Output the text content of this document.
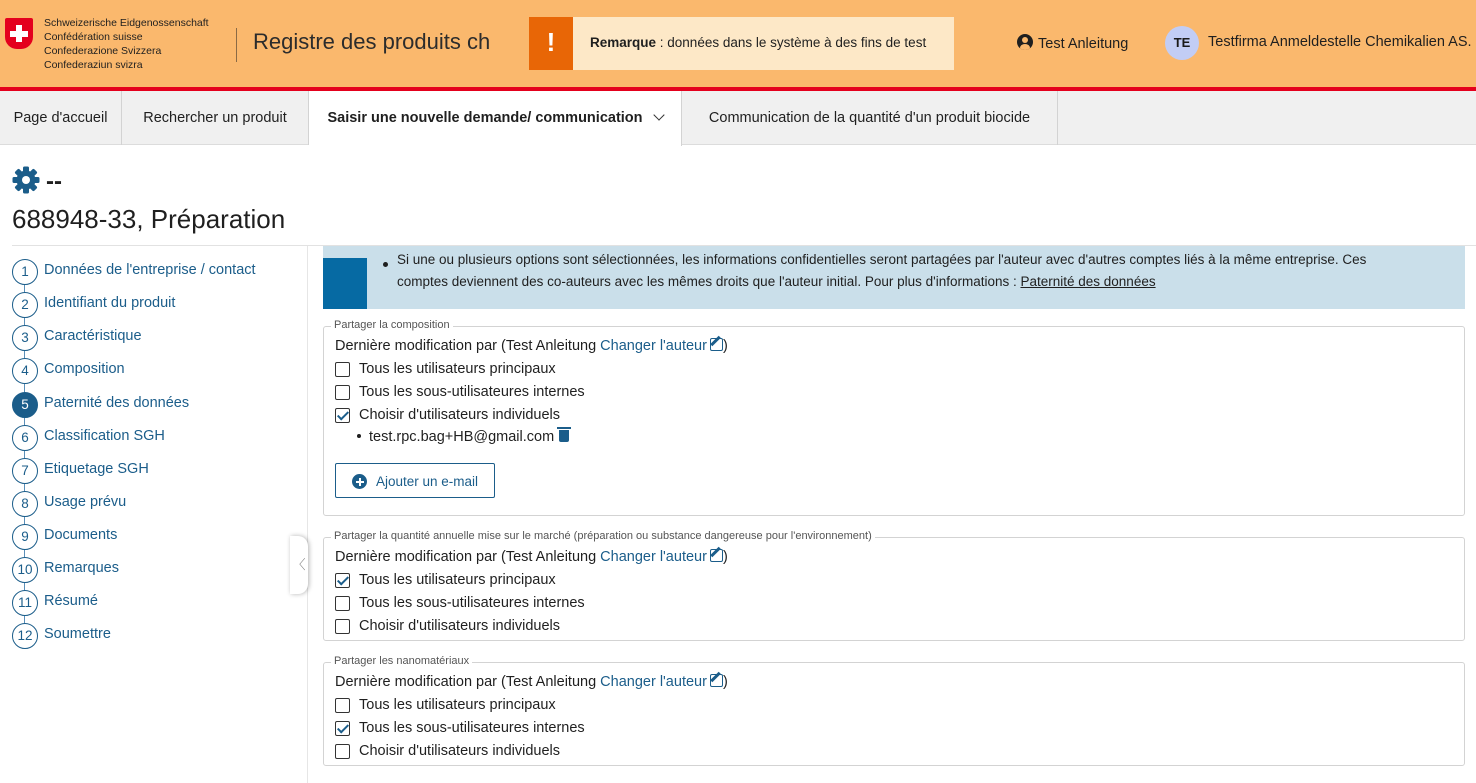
Schweizerische Eidgenossenschaft
Confédération suisse
Confederazione Svizzera
Confederaziun svizra
Registre des produits ch	!	Remarque : données dans le système à des fins de test	Test Anleitung	TE	Testfirma Anmeldestelle Chemikalien AS.
Page d'accueil	Rechercher un produit	Saisir une nouvelle demande/ communication	Communication de la quantité d'un produit biocide
--
688948-33, Préparation
1	Données de l'entreprise / contact
2	Identifiant du produit
3	Caractéristique
4	Composition
5	Paternité des données
6	Classification SGH
7	Etiquetage SGH
8	Usage prévu
9	Documents
10 Remarques
11 Résumé
12 Soumettre
〈
Si une ou plusieurs options sont sélectionnées, les informations confidentielles seront partagées par l'auteur avec d'autres comptes liés à la même entreprise. Ces
comptes deviennent des co-auteurs avec les mêmes droits que l'auteur initial. Pour plus d'informations : Paternité des données
Partager la composition
Dernière modification par (Test Anleitung Changer l'auteur )
Tous les utilisateurs principaux
Tous les sous-utilisateures internes
Choisir d'utilisateurs individuels
test.rpc.bag+HB@gmail.com
Ajouter un e-mail
Partager la quantité annuelle mise sur le marché (préparation ou substance dangereuse pour l'environnement)
Dernière modification par (Test Anleitung Changer l'auteur )
Tous les utilisateurs principaux
Tous les sous-utilisateures internes
Choisir d'utilisateurs individuels
Partager les nanomatériaux
Dernière modification par (Test Anleitung Changer l'auteur )
Tous les utilisateurs principaux
Tous les sous-utilisateures internes
Choisir d'utilisateurs individuels
